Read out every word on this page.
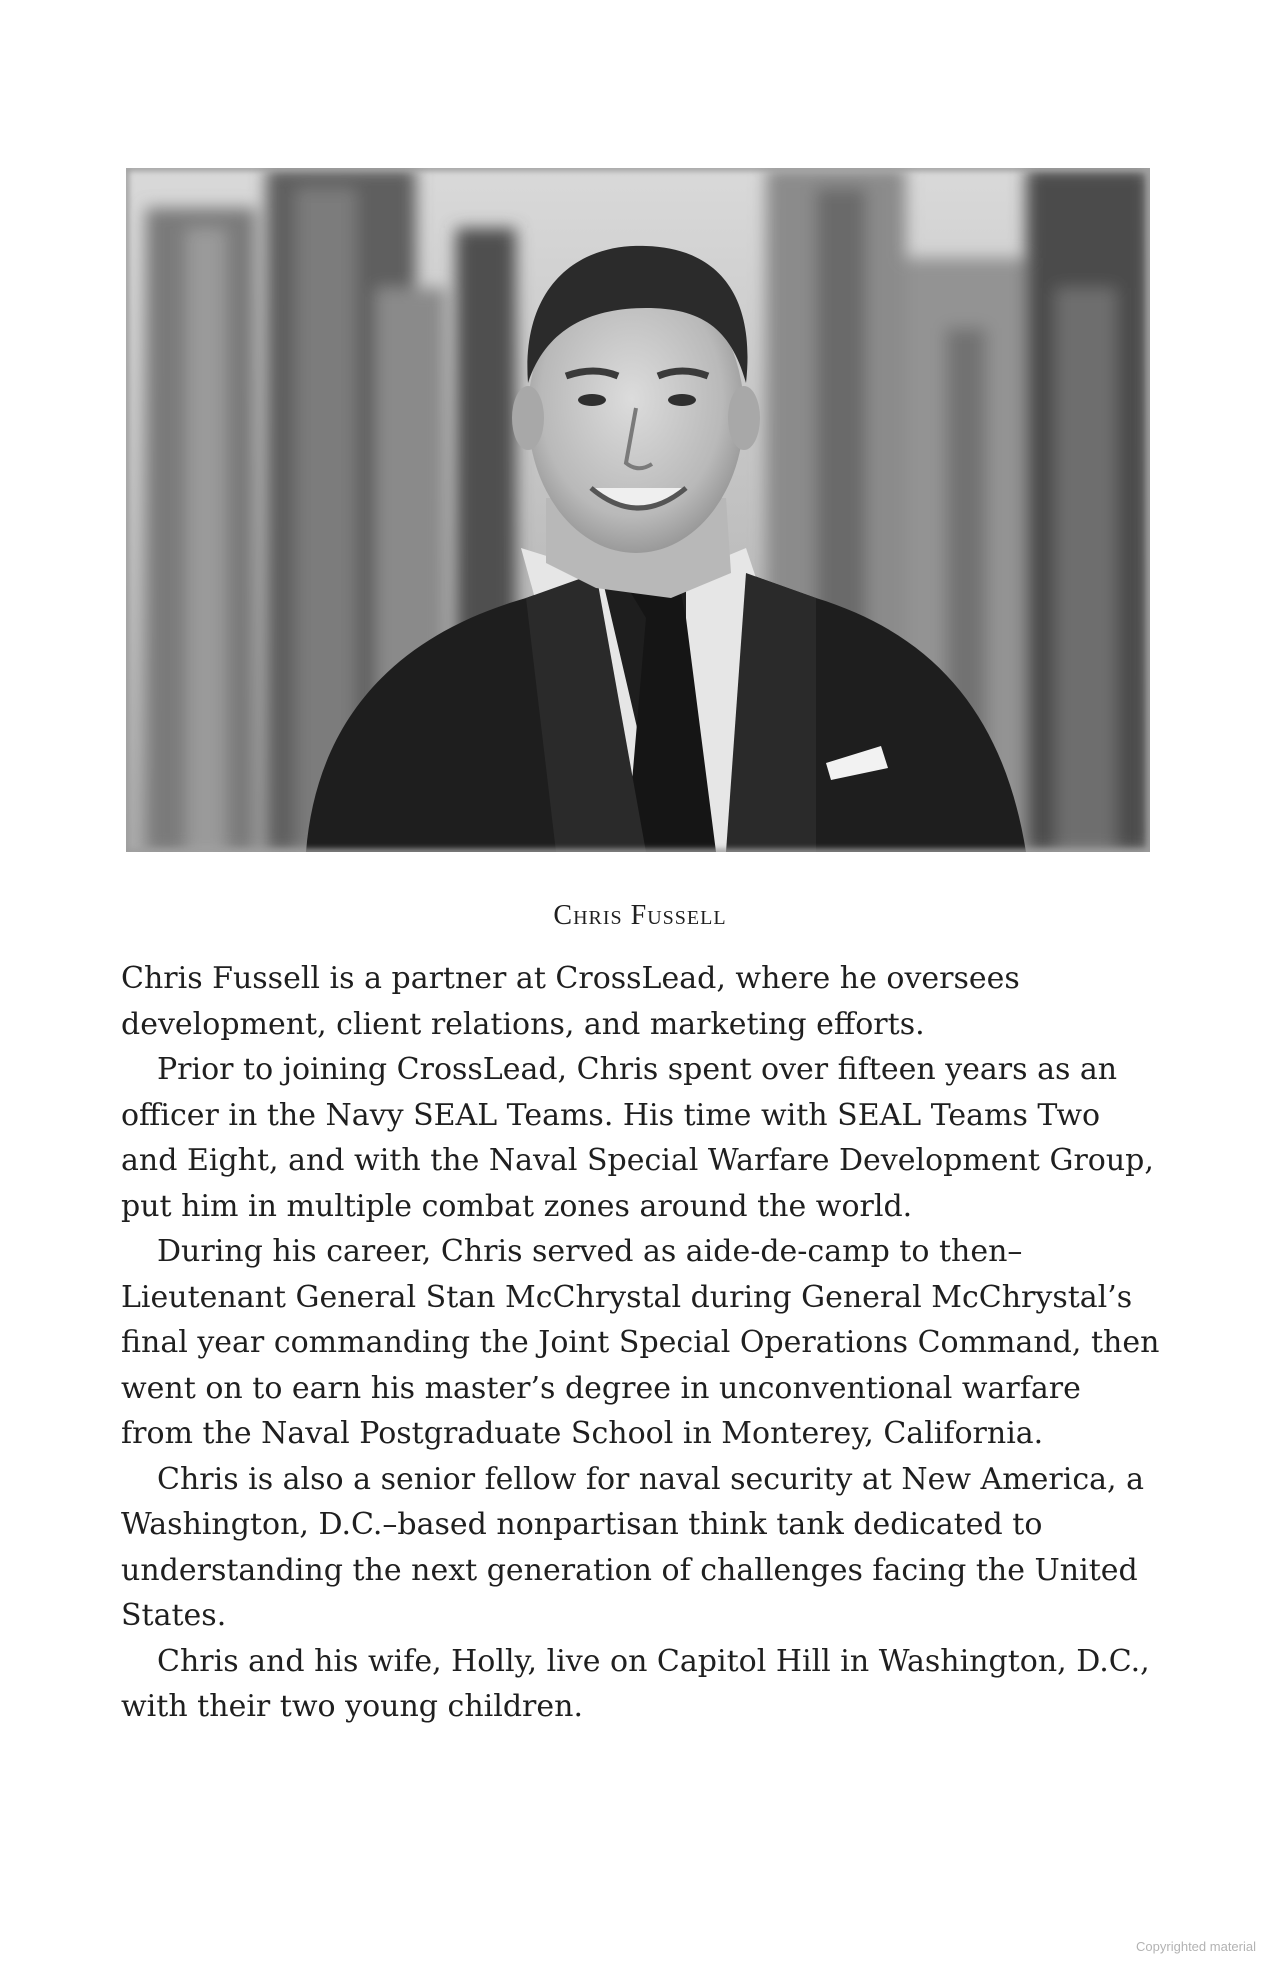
Chris Fussell

Chris Fussell is a partner at CrossLead, where he oversees development, client relations, and marketing efforts.

Prior to joining CrossLead, Chris spent over fifteen years as an officer in the Navy SEAL Teams. His time with SEAL Teams Two and Eight, and with the Naval Special Warfare Development Group, put him in multiple combat zones around the world.

During his career, Chris served as aide-de-camp to then–Lieutenant General Stan McChrystal during General McChrystal’s final year commanding the Joint Special Operations Command, then went on to earn his master’s degree in unconventional warfare from the Naval Postgraduate School in Monterey, California.

Chris is also a senior fellow for naval security at New America, a Washington, D.C.–based nonpartisan think tank dedicated to understanding the next generation of challenges facing the United States.

Chris and his wife, Holly, live on Capitol Hill in Washington, D.C., with their two young children.

Copyrighted material
